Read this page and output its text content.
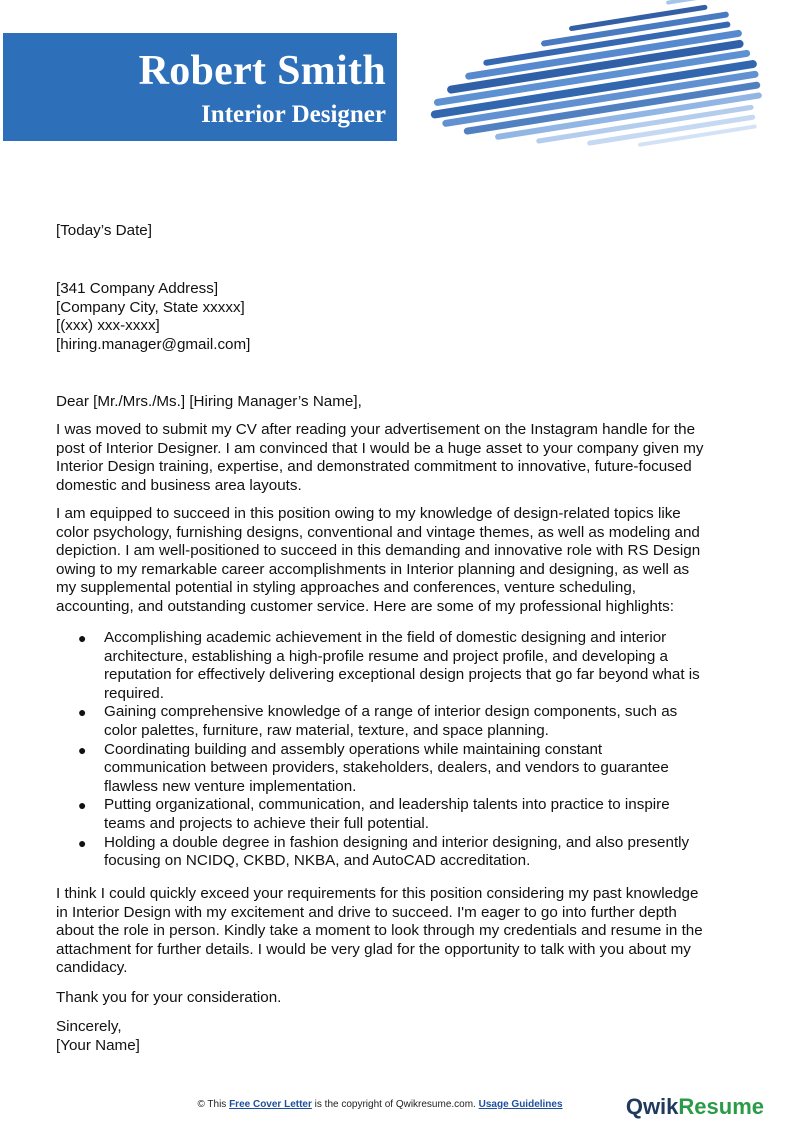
Robert Smith
Interior Designer
[Today’s Date]
[341 Company Address]
[Company City, State xxxxx]
[(xxx) xxx-xxxx]
[hiring.manager@gmail.com]
Dear [Mr./Mrs./Ms.] [Hiring Manager’s Name],
I was moved to submit my CV after reading your advertisement on the Instagram handle for the
post of Interior Designer. I am convinced that I would be a huge asset to your company given my
Interior Design training, expertise, and demonstrated commitment to innovative, future-focused
domestic and business area layouts.
I am equipped to succeed in this position owing to my knowledge of design-related topics like
color psychology, furnishing designs, conventional and vintage themes, as well as modeling and
depiction. I am well-positioned to succeed in this demanding and innovative role with RS Design
owing to my remarkable career accomplishments in Interior planning and designing, as well as
my supplemental potential in styling approaches and conferences, venture scheduling,
accounting, and outstanding customer service. Here are some of my professional highlights:
● Accomplishing academic achievement in the field of domestic designing and interior
architecture, establishing a high-profile resume and project profile, and developing a
reputation for effectively delivering exceptional design projects that go far beyond what is
required.
● Gaining comprehensive knowledge of a range of interior design components, such as
color palettes, furniture, raw material, texture, and space planning.
● Coordinating building and assembly operations while maintaining constant
communication between providers, stakeholders, dealers, and vendors to guarantee
flawless new venture implementation.
● Putting organizational, communication, and leadership talents into practice to inspire
teams and projects to achieve their full potential.
● Holding a double degree in fashion designing and interior designing, and also presently
focusing on NCIDQ, CKBD, NKBA, and AutoCAD accreditation.
I think I could quickly exceed your requirements for this position considering my past knowledge
in Interior Design with my excitement and drive to succeed. I'm eager to go into further depth
about the role in person. Kindly take a moment to look through my credentials and resume in the
attachment for further details. I would be very glad for the opportunity to talk with you about my
candidacy.
Thank you for your consideration.
Sincerely,
[Your Name]
© This Free Cover Letter is the copyright of Qwikresume.com. Usage Guidelines	QwikResume
